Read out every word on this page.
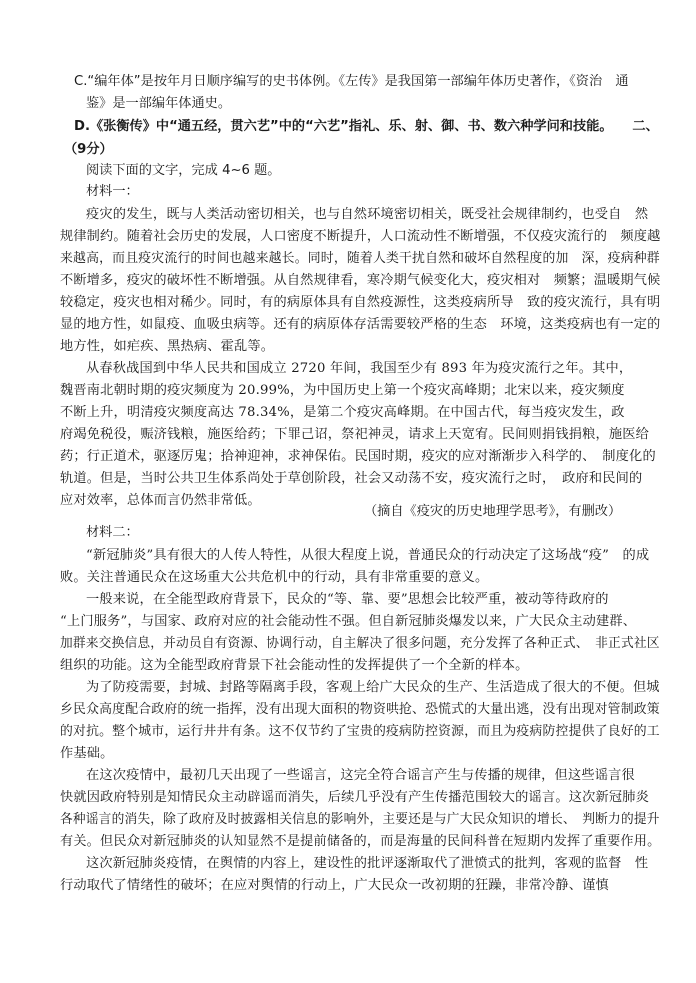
C.“编年体”是按年月日顺序编写的史书体例。《左传》是我国第一部编年体历史著作，《资治　通
鉴》是一部编年体通史。
D.《张衡传》中“通五经，贯六艺”中的“六艺”指礼、乐、射、御、书、数六种学问和技能。　　二、
（9分）
阅读下面的文字，完成 4~6 题。
材料一：
疫灾的发生，既与人类活动密切相关，也与自然环境密切相关，既受社会规律制约，也受自　然
规律制约。随着社会历史的发展，人口密度不断提升，人口流动性不断增强，不仅疫灾流行的　频度越
来越高，而且疫灾流行的时间也越来越长。同时，随着人类干扰自然和破坏自然程度的加　深，疫病种群
不断增多，疫灾的破坏性不断增强。从自然规律看，寒冷期气候变化大，疫灾相对　频繁；温暖期气候
较稳定，疫灾也相对稀少。同时，有的病原体具有自然疫源性，这类疫病所导　致的疫灾流行，具有明
显的地方性，如鼠疫、血吸虫病等。还有的病原体存活需要较严格的生态　环境，这类疫病也有一定的
地方性，如疟疾、黑热病、霍乱等。
从春秋战国到中华人民共和国成立 2720 年间，我国至少有 893 年为疫灾流行之年。其中，
魏晋南北朝时期的疫灾频度为 20.99%，为中国历史上第一个疫灾高峰期；北宋以来，疫灾频度
不断上升，明清疫灾频度高达 78.34%，是第二个疫灾高峰期。在中国古代，每当疫灾发生，政
府竭免税役，赈济钱粮，施医给药；下罪己诏，祭祀神灵，请求上天宽宥。民间则捐钱捐粮，施医给
药；行正道术，驱逐厉鬼；拾神迎神，求神保佑。民国时期，疫灾的应对渐渐步入科学的、　制度化的
轨道。但是，当时公共卫生体系尚处于草创阶段，社会又动荡不安，疫灾流行之时，　政府和民间的
应对效率，总体而言仍然非常低。
（摘自《疫灾的历史地理学思考》，有删改）
材料二：
“新冠肺炎”具有很大的人传人特性，从很大程度上说，普通民众的行动决定了这场战“疫”　的成
败。关注普通民众在这场重大公共危机中的行动，具有非常重要的意义。
一般来说，在全能型政府背景下，民众的“等、靠、要”思想会比较严重，被动等待政府的
“上门服务”，与国家、政府对应的社会能动性不强。但自新冠肺炎爆发以来，广大民众主动建群、
加群来交换信息，并动员自有资源、协调行动，自主解决了很多问题，充分发挥了各种正式、　非正式社区
组织的功能。这为全能型政府背景下社会能动性的发挥提供了一个全新的样本。
为了防疫需要，封城、封路等隔离手段，客观上给广大民众的生产、生活造成了很大的不便。但城
乡民众高度配合政府的统一指挥，没有出现大面积的物资哄抢、恐慌式的大量出逃，没有出现对管制政策
的对抗。整个城市，运行井井有条。这不仅节约了宝贵的疫病防控资源，而且为疫病防控提供了良好的工
作基础。
在这次疫情中，最初几天出现了一些谣言，这完全符合谣言产生与传播的规律，但这些谣言很
快就因政府特别是知情民众主动辟谣而消失，后续几乎没有产生传播范围较大的谣言。这次新冠肺炎
各种谣言的消失，除了政府及时披露相关信息的影响外，主要还是与广大民众知识的增长、　判断力的提升
有关。但民众对新冠肺炎的认知显然不是提前储备的，而是海量的民间科普在短期内发挥了重要作用。
这次新冠肺炎疫情，在舆情的内容上，建设性的批评逐渐取代了泄愤式的批判，客观的监督　性
行动取代了情绪性的破坏；在应对舆情的行动上，广大民众一改初期的狂躁，非常冷静、谨慎
